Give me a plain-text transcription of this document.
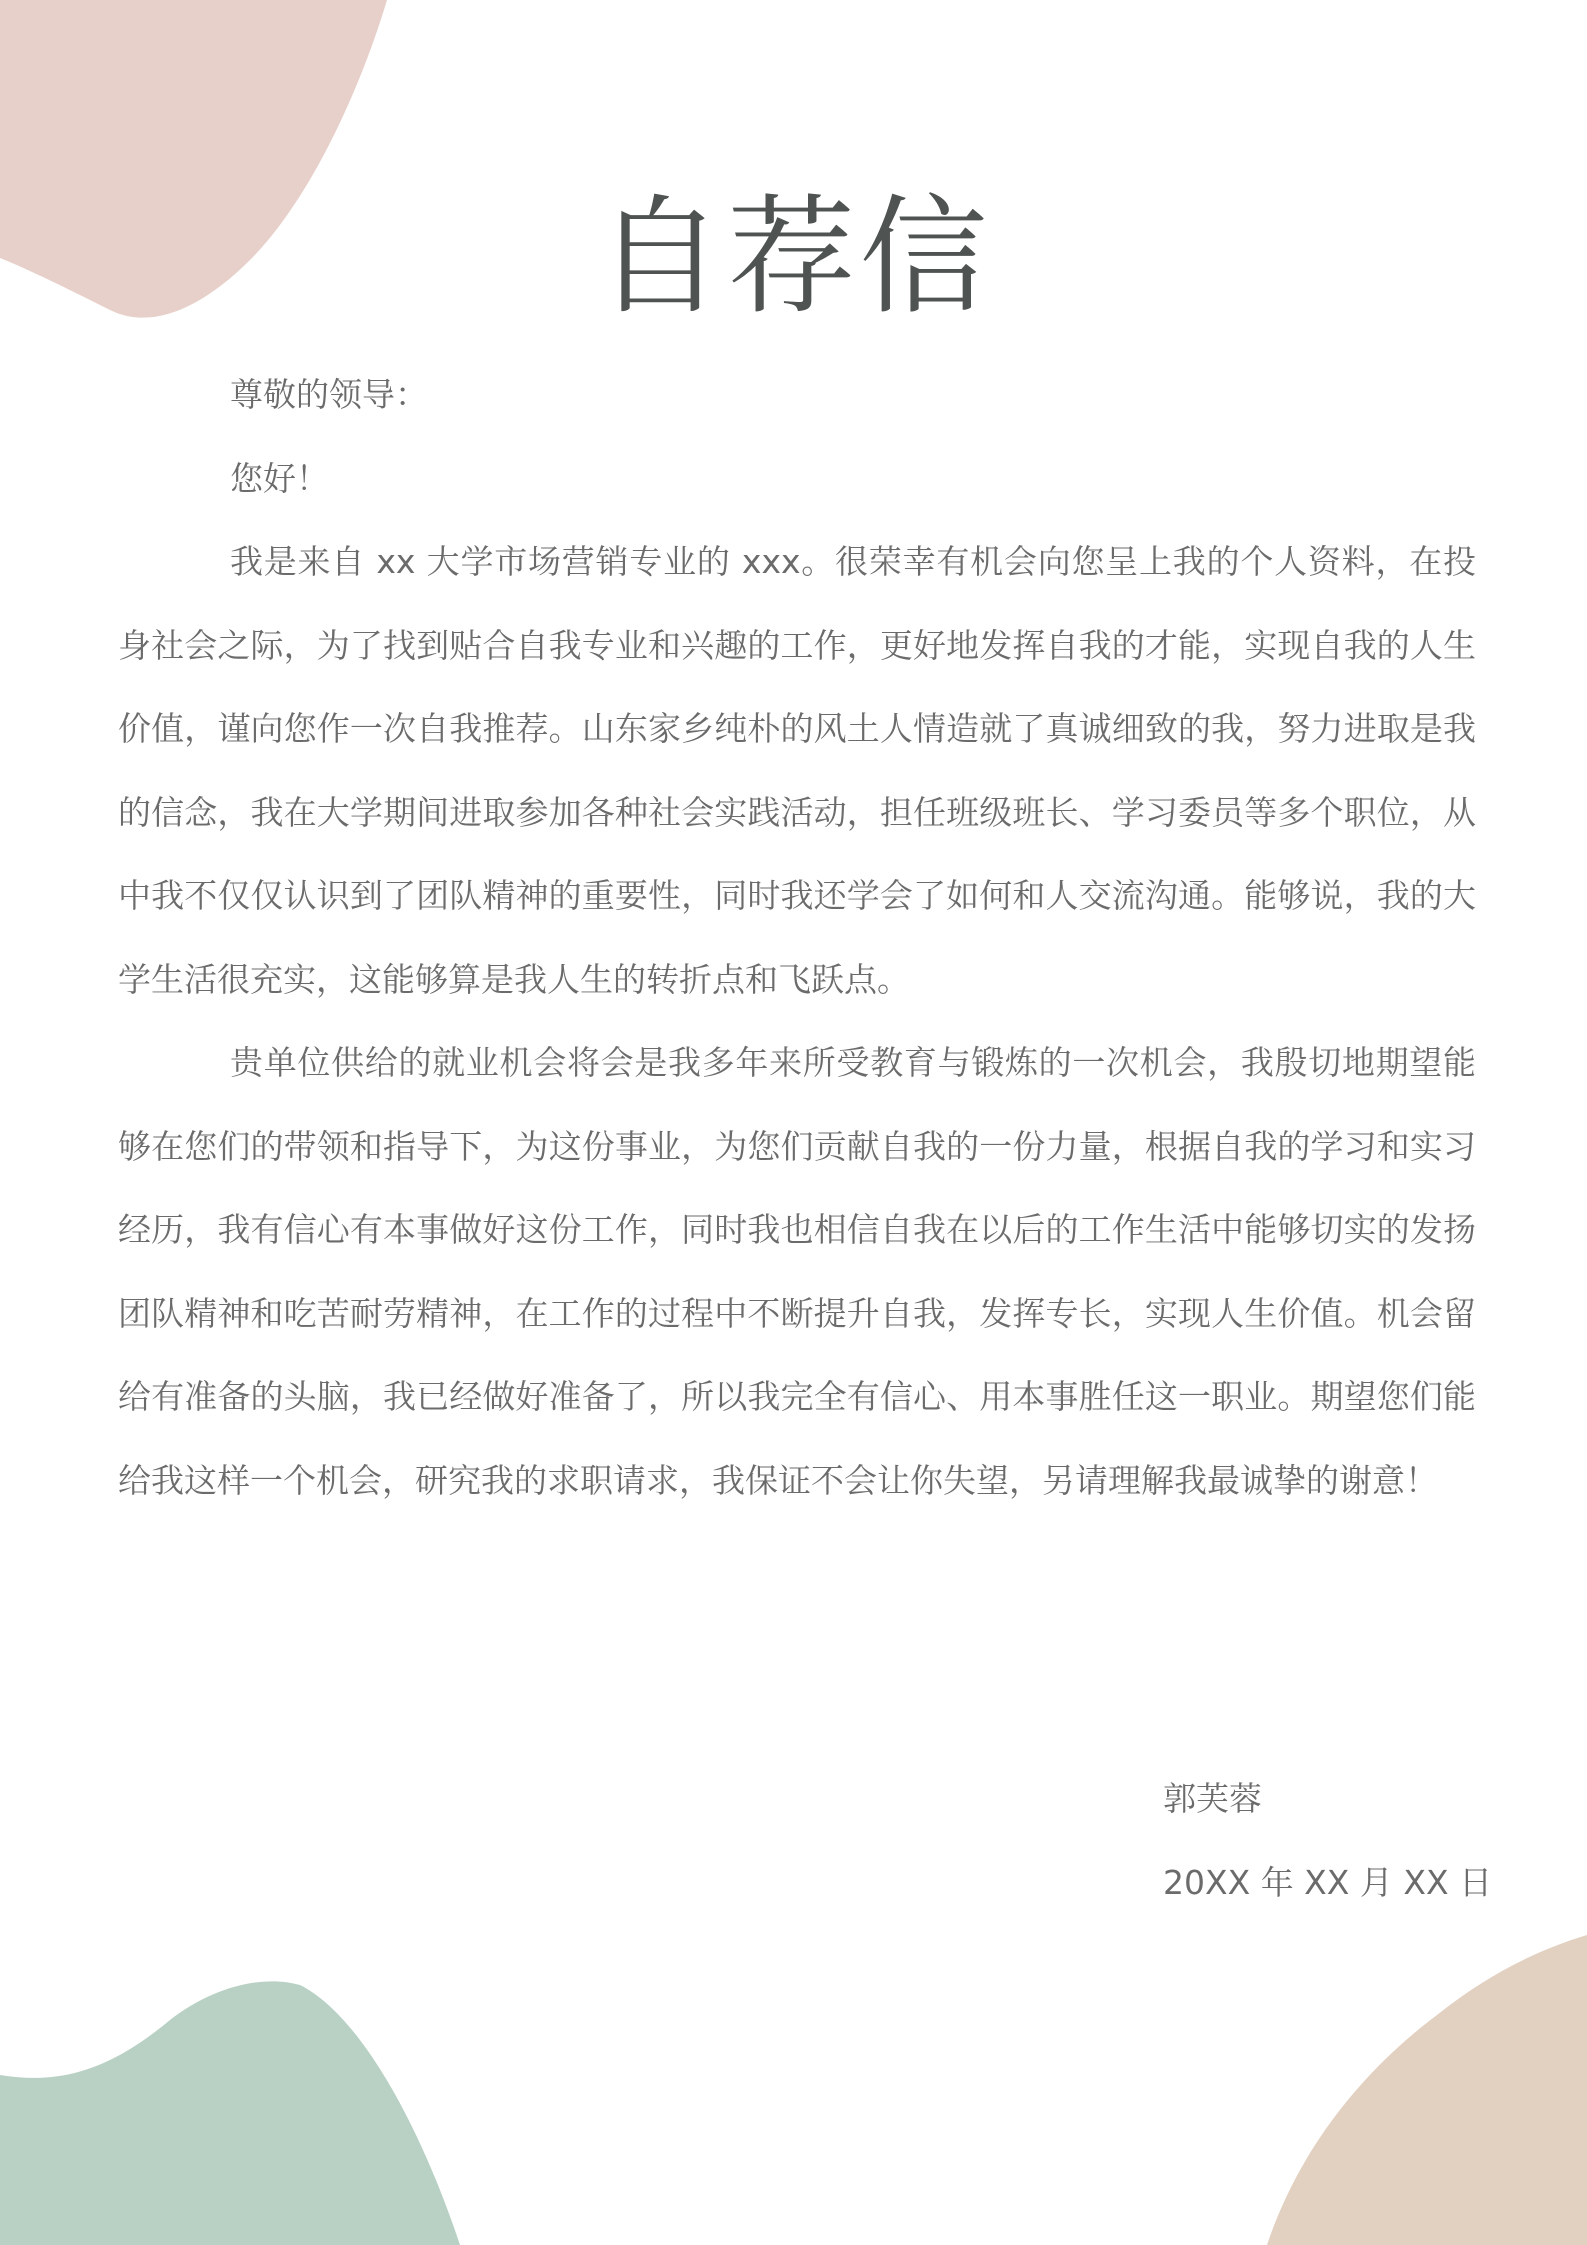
自荐信

尊敬的领导：

您好！

我是来自 xx 大学市场营销专业的 xxx。很荣幸有机会向您呈上我的个人资料，在投身社会之际，为了找到贴合自我专业和兴趣的工作，更好地发挥自我的才能，实现自我的人生价值，谨向您作一次自我推荐。山东家乡纯朴的风土人情造就了真诚细致的我，努力进取是我的信念，我在大学期间进取参加各种社会实践活动，担任班级班长、学习委员等多个职位，从中我不仅仅认识到了团队精神的重要性，同时我还学会了如何和人交流沟通。能够说，我的大学生活很充实，这能够算是我人生的转折点和飞跃点。

贵单位供给的就业机会将会是我多年来所受教育与锻炼的一次机会，我殷切地期望能够在您们的带领和指导下，为这份事业，为您们贡献自我的一份力量，根据自我的学习和实习经历，我有信心有本事做好这份工作，同时我也相信自我在以后的工作生活中能够切实的发扬团队精神和吃苦耐劳精神，在工作的过程中不断提升自我，发挥专长，实现人生价值。机会留给有准备的头脑，我已经做好准备了，所以我完全有信心、用本事胜任这一职业。期望您们能给我这样一个机会，研究我的求职请求，我保证不会让你失望，另请理解我最诚挚的谢意！

郭芙蓉

20XX 年 XX 月 XX 日
